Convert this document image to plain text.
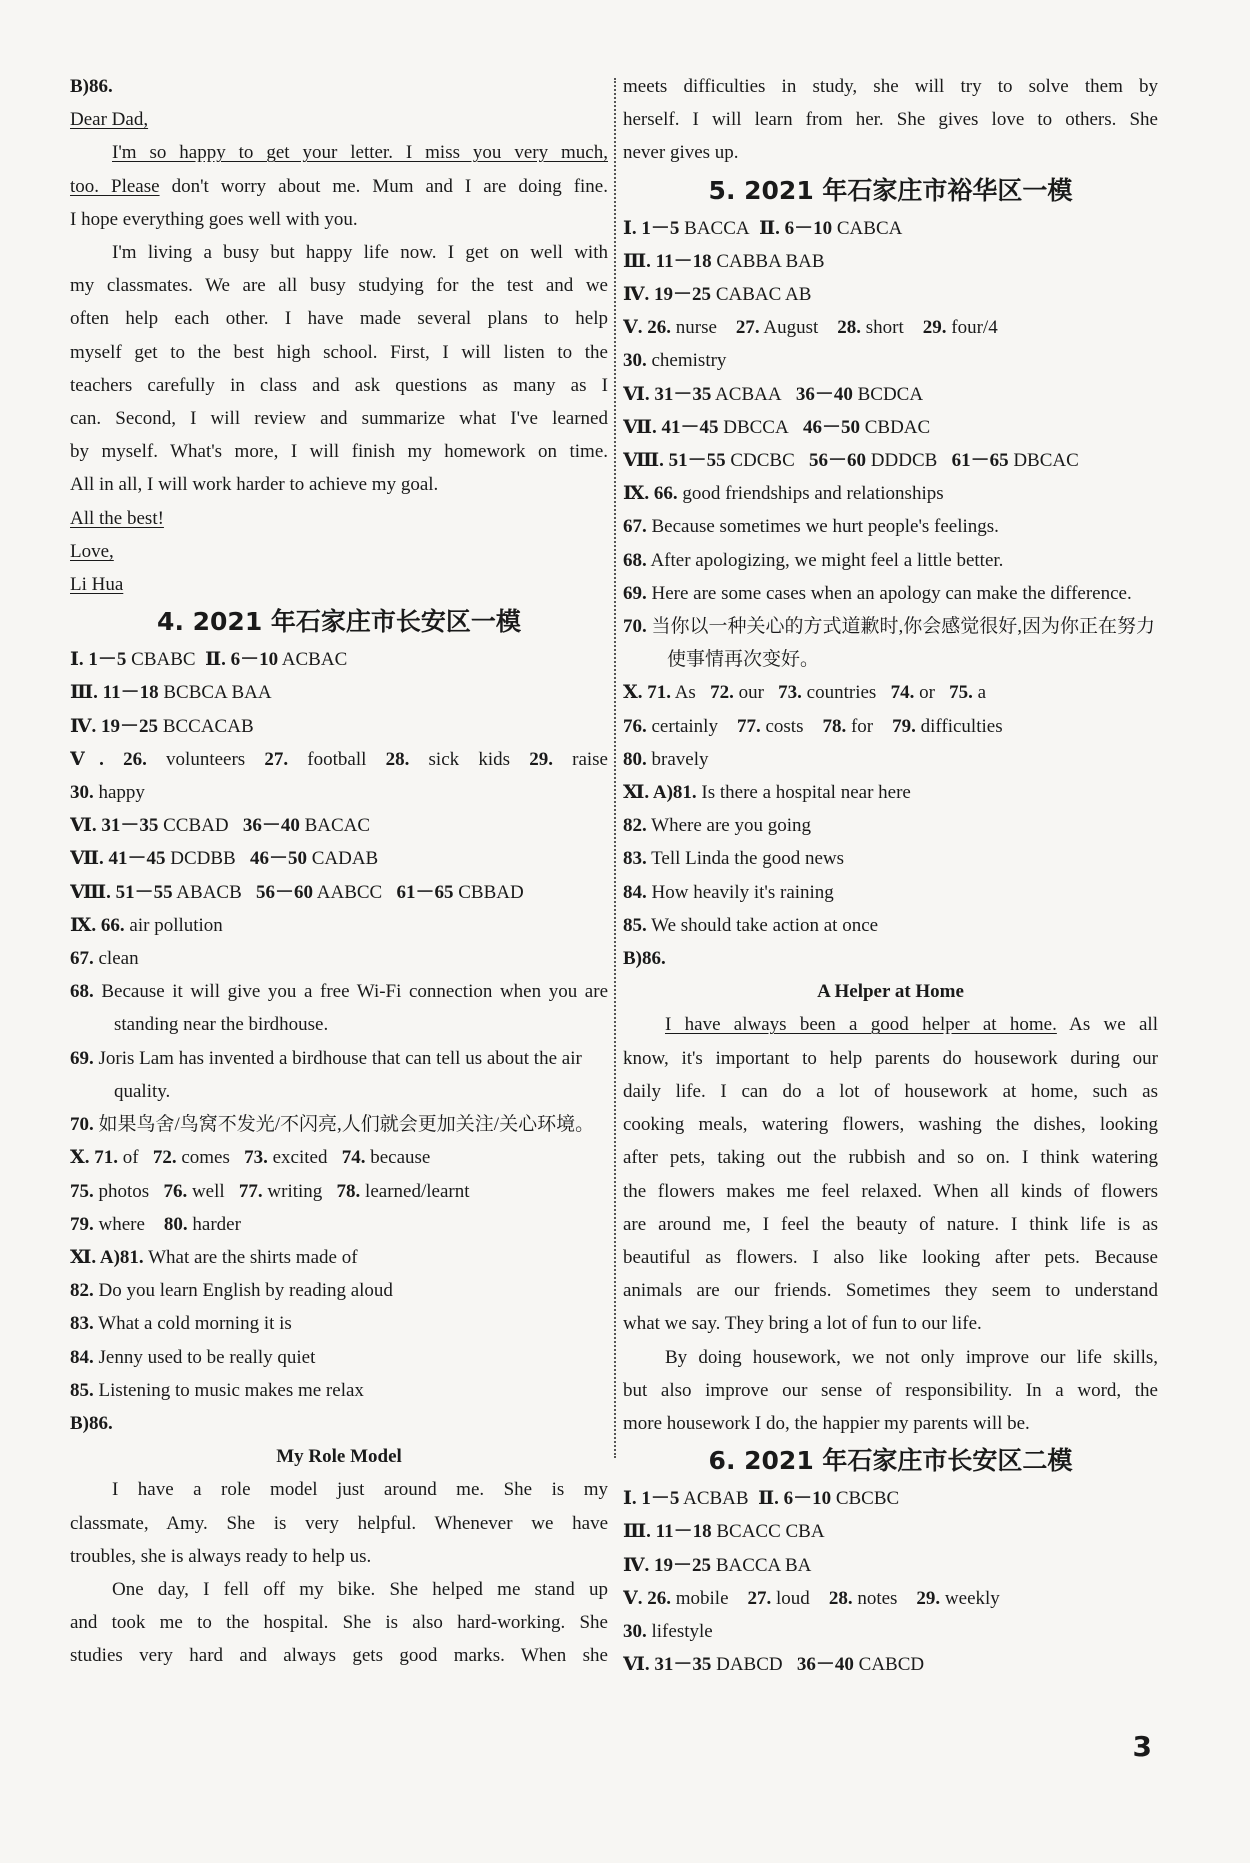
B)86.
Dear Dad,
I'm so happy to get your letter. I miss you very much,
too. Please don't worry about me. Mum and I are doing fine.
I hope everything goes well with you.
I'm living a busy but happy life now. I get on well with
my classmates. We are all busy studying for the test and we
often help each other. I have made several plans to help
myself get to the best high school. First, I will listen to the
teachers carefully in class and ask questions as many as I
can. Second, I will review and summarize what I've learned
by myself. What's more, I will finish my homework on time.
All in all, I will work harder to achieve my goal.
All the best!
Love,
Li Hua
4. 2021 年石家庄市长安区一模
Ⅰ. 1－5 CBABC Ⅱ. 6－10 ACBAC
Ⅲ. 11－18 BCBCA BAA
Ⅳ. 19－25 BCCACAB
Ⅴ. 26. volunteers 27. football 28. sick kids 29. raise
30. happy
Ⅵ. 31－35 CCBAD 36－40 BACAC
Ⅶ. 41－45 DCDBB 46－50 CADAB
Ⅷ. 51－55 ABACB 56－60 AABCC 61－65 CBBAD
Ⅸ. 66. air pollution
67. clean
68. Because it will give you a free Wi-Fi connection when you are standing near the birdhouse.
69. Joris Lam has invented a birdhouse that can tell us about the air quality.
70. 如果鸟舍/鸟窝不发光/不闪亮,人们就会更加关注/关心环境。
Ⅹ. 71. of 72. comes 73. excited 74. because
75. photos 76. well 77. writing 78. learned/learnt
79. where 80. harder
Ⅺ. A)81. What are the shirts made of
82. Do you learn English by reading aloud
83. What a cold morning it is
84. Jenny used to be really quiet
85. Listening to music makes me relax
B)86.
My Role Model
I have a role model just around me. She is my
classmate, Amy. She is very helpful. Whenever we have
troubles, she is always ready to help us.
One day, I fell off my bike. She helped me stand up
and took me to the hospital. She is also hard-working. She
studies very hard and always gets good marks. When she
meets difficulties in study, she will try to solve them by
herself. I will learn from her. She gives love to others. She
never gives up.
5. 2021 年石家庄市裕华区一模
Ⅰ. 1－5 BACCA Ⅱ. 6－10 CABCA
Ⅲ. 11－18 CABBA BAB
Ⅳ. 19－25 CABAC AB
Ⅴ. 26. nurse 27. August 28. short 29. four/4
30. chemistry
Ⅵ. 31－35 ACBAA 36－40 BCDCA
Ⅶ. 41－45 DBCCA 46－50 CBDAC
Ⅷ. 51－55 CDCBC 56－60 DDDCB 61－65 DBCAC
Ⅸ. 66. good friendships and relationships
67. Because sometimes we hurt people's feelings.
68. After apologizing, we might feel a little better.
69. Here are some cases when an apology can make the difference.
70. 当你以一种关心的方式道歉时,你会感觉很好,因为你正在努力使事情再次变好。
Ⅹ. 71. As 72. our 73. countries 74. or 75. a
76. certainly 77. costs 78. for 79. difficulties
80. bravely
Ⅺ. A)81. Is there a hospital near here
82. Where are you going
83. Tell Linda the good news
84. How heavily it's raining
85. We should take action at once
B)86.
A Helper at Home
I have always been a good helper at home. As we all
know, it's important to help parents do housework during our
daily life. I can do a lot of housework at home, such as
cooking meals, watering flowers, washing the dishes, looking
after pets, taking out the rubbish and so on. I think watering
the flowers makes me feel relaxed. When all kinds of flowers
are around me, I feel the beauty of nature. I think life is as
beautiful as flowers. I also like looking after pets. Because
animals are our friends. Sometimes they seem to understand
what we say. They bring a lot of fun to our life.
By doing housework, we not only improve our life skills,
but also improve our sense of responsibility. In a word, the
more housework I do, the happier my parents will be.
6. 2021 年石家庄市长安区二模
Ⅰ. 1－5 ACBAB Ⅱ. 6－10 CBCBC
Ⅲ. 11－18 BCACC CBA
Ⅳ. 19－25 BACCA BA
Ⅴ. 26. mobile 27. loud 28. notes 29. weekly
30. lifestyle
Ⅵ. 31－35 DABCD 36－40 CABCD
3
